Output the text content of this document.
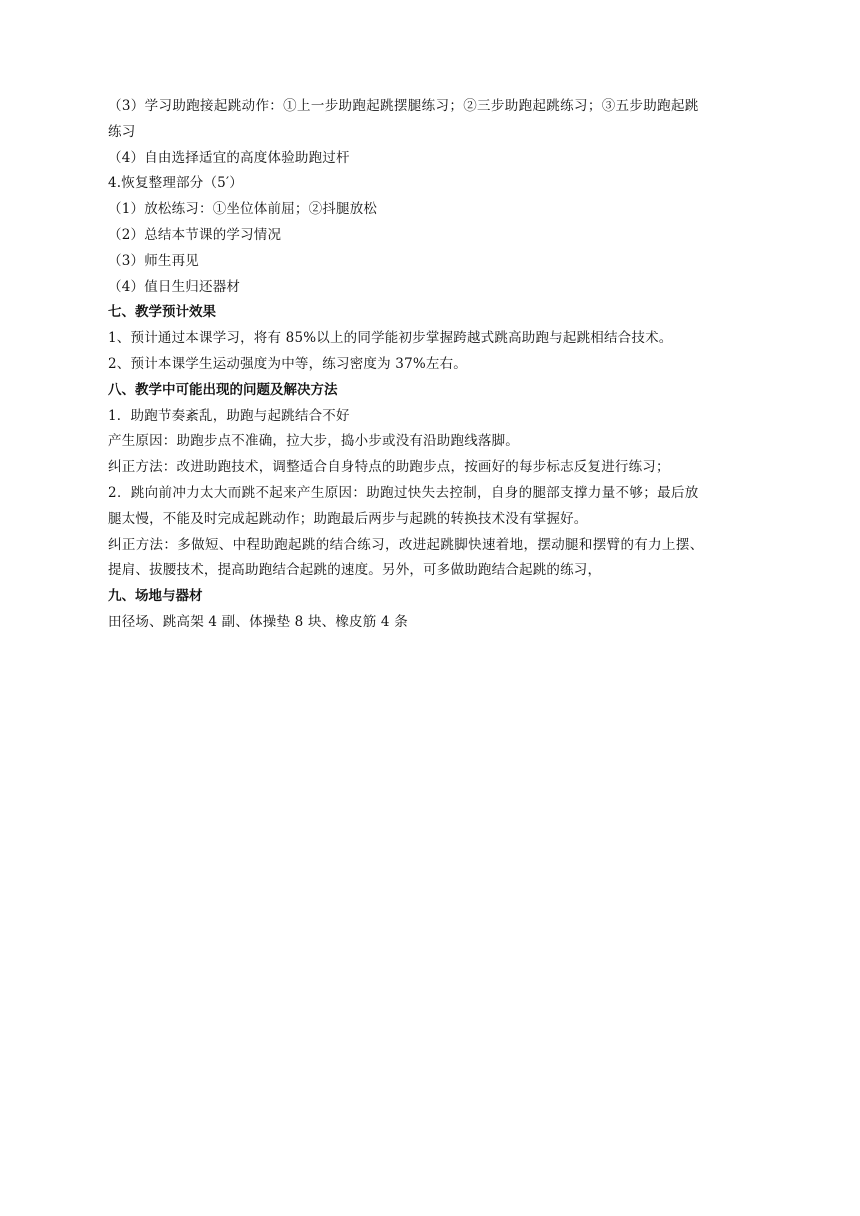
（3）学习助跑接起跳动作：①上一步助跑起跳摆腿练习；②三步助跑起跳练习；③五步助跑起跳
练习
（4）自由选择适宜的高度体验助跑过杆
4.恢复整理部分（5′）
（1）放松练习：①坐位体前屈；②抖腿放松
（2）总结本节课的学习情况
（3）师生再见
（4）值日生归还器材
七、教学预计效果
1、预计通过本课学习，将有 85%以上的同学能初步掌握跨越式跳高助跑与起跳相结合技术。
2、预计本课学生运动强度为中等，练习密度为 37%左右。
八、教学中可能出现的问题及解决方法
1．助跑节奏紊乱，助跑与起跳结合不好
产生原因：助跑步点不准确，拉大步，捣小步或没有沿助跑线落脚。
纠正方法：改进助跑技术，调整适合自身特点的助跑步点，按画好的每步标志反复进行练习；
2．跳向前冲力太大而跳不起来产生原因：助跑过快失去控制，自身的腿部支撑力量不够；最后放
腿太慢，不能及时完成起跳动作；助跑最后两步与起跳的转换技术没有掌握好。
纠正方法：多做短、中程助跑起跳的结合练习，改进起跳脚快速着地，摆动腿和摆臂的有力上摆、
提肩、拔腰技术，提高助跑结合起跳的速度。另外，可多做助跑结合起跳的练习，
九、场地与器材
田径场、跳高架 4 副、体操垫 8 块、橡皮筋 4 条
